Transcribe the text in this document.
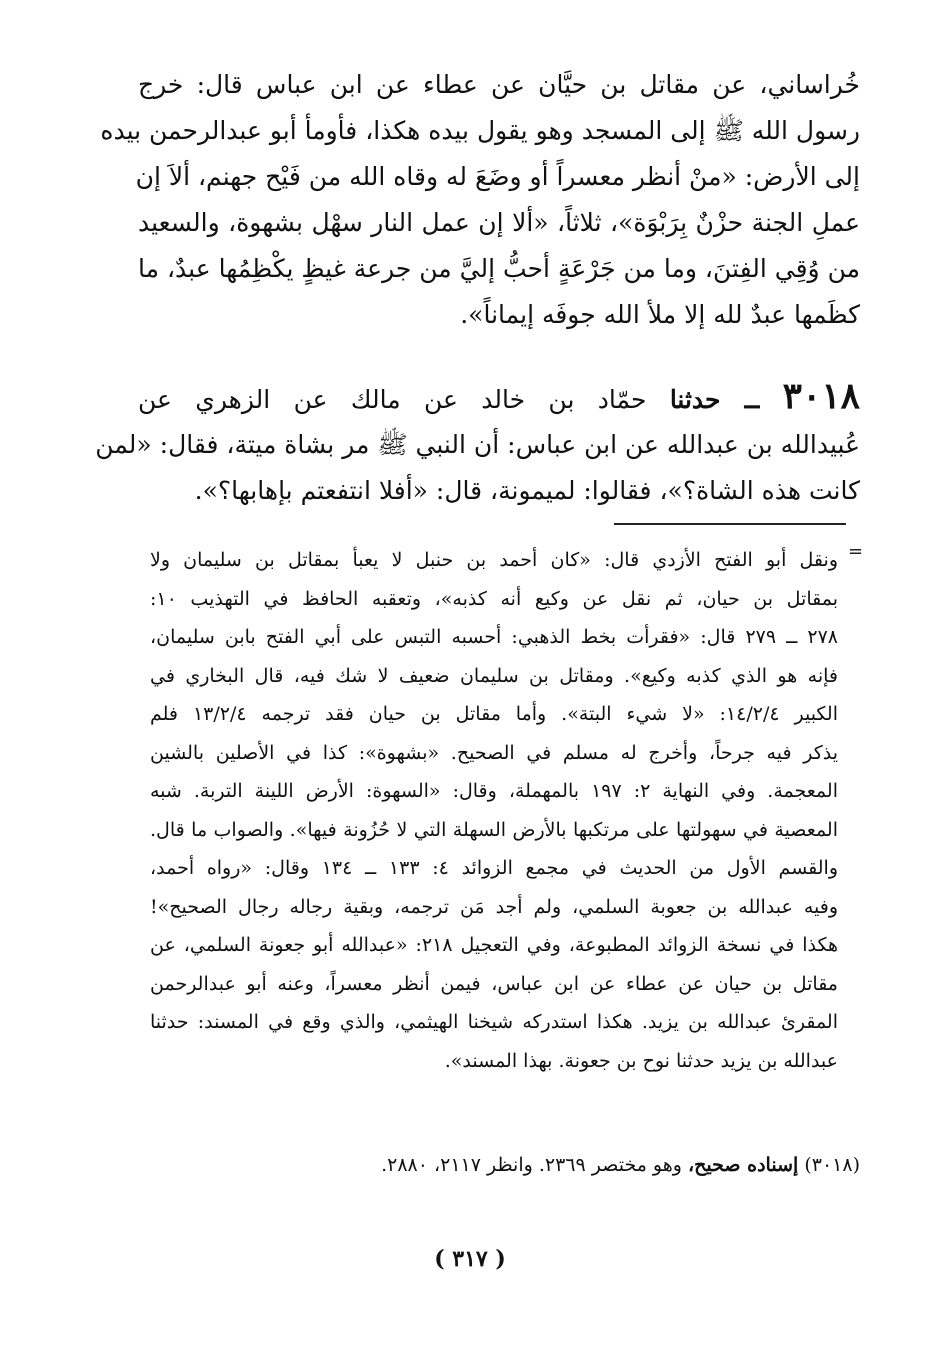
خُراساني، عن مقاتل بن حيَّان عن عطاء عن ابن عباس قال: خرج
رسول الله ﷺ إلى المسجد وهو يقول بيده هكذا، فأومأ أبو عبدالرحمن بيده
إلى الأرض: «منْ أنظر معسراً أو وضَعَ له وقاه الله من فَيْح جهنم، ألاَ إن
عملِ الجنة حزْنٌ بِرَبْوَة»، ثلاثاً، «ألا إن عمل النار سهْل بشهوة، والسعيد
من وُقِي الفِتنَ، وما من جَرْعَةٍ أحبُّ إليَّ من جرعة غيظٍ يكْظِمُها عبدٌ، ما
كظَمها عبدٌ لله إلا ملأ الله جوفَه إيماناً».
٣٠١٨ ــ حدثنا حمّاد بن خالد عن مالك عن الزهري عن
عُبيدالله بن عبدالله عن ابن عباس: أن النبي ﷺ مر بشاة ميتة، فقال: «لمن
كانت هذه الشاة؟»، فقالوا: لميمونة، قال: «أفلا انتفعتم بإهابها؟».
=
ونقل أبو الفتح الأزدي قال: «كان أحمد بن حنبل لا يعبأ بمقاتل بن سليمان ولا
بمقاتل بن حيان، ثم نقل عن وكيع أنه كذبه»، وتعقبه الحافظ في التهذيب ١٠:
٢٧٨ ــ ٢٧٩ قال: «فقرأت بخط الذهبي: أحسبه التبس على أبي الفتح بابن سليمان،
فإنه هو الذي كذبه وكيع». ومقاتل بن سليمان ضعيف لا شك فيه، قال البخاري في
الكبير ١٤/٢/٤: «لا شيء البتة». وأما مقاتل بن حيان فقد ترجمه ١٣/٢/٤ فلم
يذكر فيه جرحاً، وأخرج له مسلم في الصحيح. «بشهوة»: كذا في الأصلين بالشين
المعجمة. وفي النهاية ٢: ١٩٧ بالمهملة، وقال: «السهوة: الأرض اللينة التربة. شبه
المعصية في سهولتها على مرتكبها بالأرض السهلة التي لا حُزُونة فيها». والصواب ما قال.
والقسم الأول من الحديث في مجمع الزوائد ٤: ١٣٣ ــ ١٣٤ وقال: «رواه أحمد،
وفيه عبدالله بن جعوبة السلمي، ولم أجد مَن ترجمه، وبقية رجاله رجال الصحيح»!
هكذا في نسخة الزوائد المطبوعة، وفي التعجيل ٢١٨: «عبدالله أبو جعونة السلمي، عن
مقاتل بن حيان عن عطاء عن ابن عباس، فيمن أنظر معسراً، وعنه أبو عبدالرحمن
المقرئ عبدالله بن يزيد. هكذا استدركه شيخنا الهيثمي، والذي وقع في المسند: حدثنا
عبدالله بن يزيد حدثنا نوح بن جعونة. بهذا المسند».
(٣٠١٨) إسناده صحيح، وهو مختصر ٢٣٦٩. وانظر ٢١١٧، ٢٨٨٠.
( ٣١٧ )
